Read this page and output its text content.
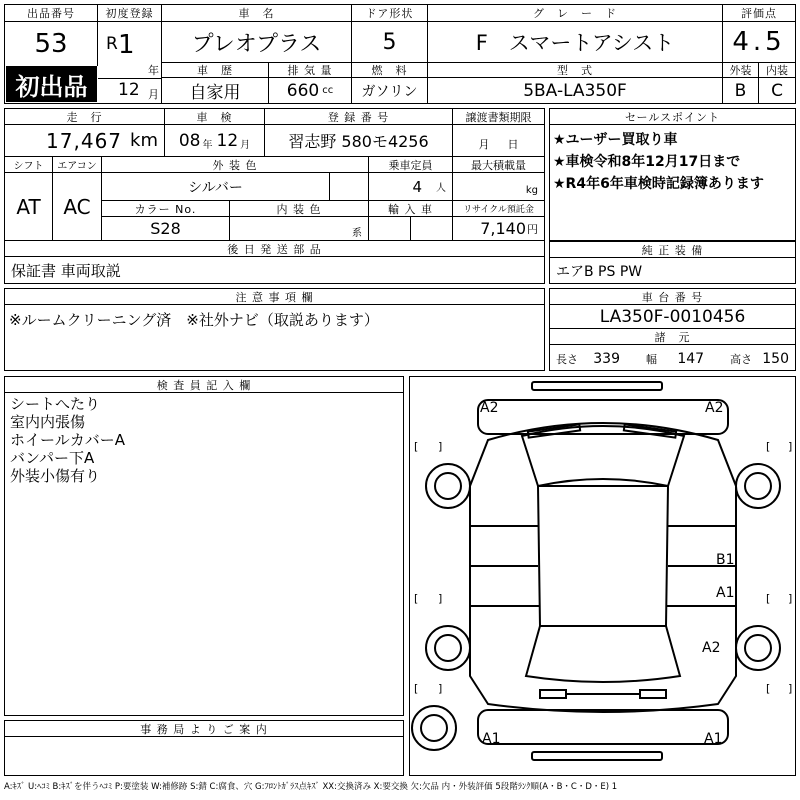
出品番号
53
初出品
初度登録
R 1
年
12 月
車　名
プレオプラス
ドア形状
5
グ　レ　ー　ド
F　スマートアシスト
評価点
4.5
車　歴
自家用
排 気 量
660 cc
燃　料
ガソリン
型　式
5BA-LA350F
外装
B
内装
C
走　行
17,467 km
車　検
08 年 12 月
登 録 番 号
習志野 580モ4256
譲渡書類期限
月 日
シフト
AT
エアコン
AC
外 装 色
シルバー
乗車定員
4 人
最大積載量
kg
カラー No.
S28
内 装 色
系
輸 入 車	リサイクル預託金
7,140 円
後 日 発 送 部 品
保証書 車両取説
セールスポイント
★ユーザー買取り車
★車検令和8年12月17日まで
★R4年6年車検時記録簿あります
純 正 装 備
エアB PS PW
注 意 事 項 欄
※ルームクリーニング済　※社外ナビ（取説あります）
車 台 番 号
LA350F-0010456
諸　元
長さ 339 幅 147 高さ 150
検 査 員 記 入 欄
シートへたり
室内内張傷
ホイールカバーA
バンパー下A
外装小傷有り
事 務 局 よ り ご 案 内
[ ]	[ ]
[ ]	[ ]
[ ]	[ ]
A2	A2
B1
A1
A2
A1	A1
A:ｷｽﾞ U:ﾍｺﾐ B:ｷｽﾞを伴うﾍｺﾐ P:要塗装 W:補修跡 S:錆 C:腐食、穴 G:ﾌﾛﾝﾄｶﾞﾗｽ点ｷｽﾞ XX:交換済み X:要交換 欠:欠品 内・外装評価 5段階ﾗﾝｸ順(A・B・C・D・E) 1
